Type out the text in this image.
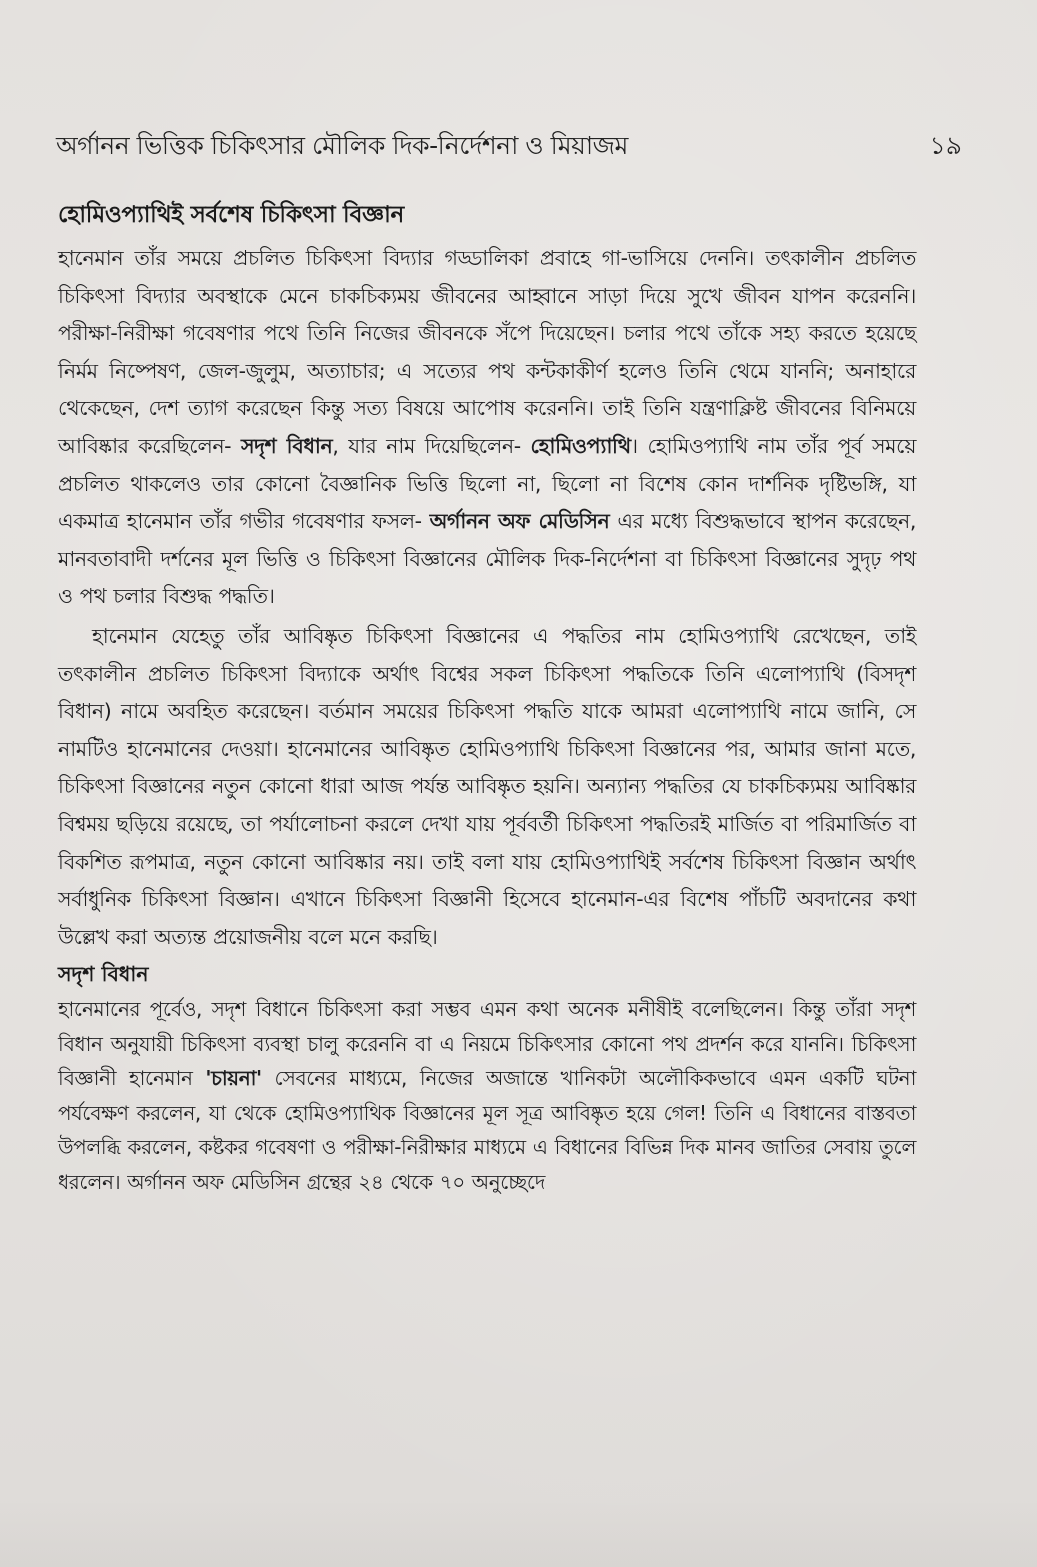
অর্গানন ভিত্তিক চিকিৎসার মৌলিক দিক-নির্দেশনা ও মিয়াজম	১৯
হোমিওপ্যাথিই সর্বশেষ চিকিৎসা বিজ্ঞান

হানেমান তাঁর সময়ে প্রচলিত চিকিৎসা বিদ্যার গড্ডালিকা প্রবাহে গা-ভাসিয়ে দেননি। তৎকালীন প্রচলিত চিকিৎসা বিদ্যার অবস্থাকে মেনে চাকচিক্যময় জীবনের আহ্বানে সাড়া দিয়ে সুখে জীবন যাপন করেননি। পরীক্ষা-নিরীক্ষা গবেষণার পথে তিনি নিজের জীবনকে সঁপে দিয়েছেন। চলার পথে তাঁকে সহ্য করতে হয়েছে নির্মম নিষ্পেষণ, জেল-জুলুম, অত্যাচার; এ সত্যের পথ কন্টকাকীর্ণ হলেও তিনি থেমে যাননি; অনাহারে থেকেছেন, দেশ ত্যাগ করেছেন কিন্তু সত্য বিষয়ে আপোষ করেননি। তাই তিনি যন্ত্রণাক্লিষ্ট জীবনের বিনিময়ে আবিষ্কার করেছিলেন- সদৃশ বিধান, যার নাম দিয়েছিলেন- হোমিওপ্যাথি। হোমিওপ্যাথি নাম তাঁর পূর্ব সময়ে প্রচলিত থাকলেও তার কোনো বৈজ্ঞানিক ভিত্তি ছিলো না, ছিলো না বিশেষ কোন দার্শনিক দৃষ্টিভঙ্গি, যা একমাত্র হানেমান তাঁর গভীর গবেষণার ফসল- অর্গানন অফ মেডিসিন এর মধ্যে বিশুদ্ধভাবে স্থাপন করেছেন, মানবতাবাদী দর্শনের মূল ভিত্তি ও চিকিৎসা বিজ্ঞানের মৌলিক দিক-নির্দেশনা বা চিকিৎসা বিজ্ঞানের সুদৃঢ় পথ ও পথ চলার বিশুদ্ধ পদ্ধতি।

হানেমান যেহেতু তাঁর আবিষ্কৃত চিকিৎসা বিজ্ঞানের এ পদ্ধতির নাম হোমিওপ্যাথি রেখেছেন, তাই তৎকালীন প্রচলিত চিকিৎসা বিদ্যাকে অর্থাৎ বিশ্বের সকল চিকিৎসা পদ্ধতিকে তিনি এলোপ্যাথি (বিসদৃশ বিধান) নামে অবহিত করেছেন। বর্তমান সময়ের চিকিৎসা পদ্ধতি যাকে আমরা এলোপ্যাথি নামে জানি, সে নামটিও হানেমানের দেওয়া। হানেমানের আবিষ্কৃত হোমিওপ্যাথি চিকিৎসা বিজ্ঞানের পর, আমার জানা মতে, চিকিৎসা বিজ্ঞানের নতুন কোনো ধারা আজ পর্যন্ত আবিষ্কৃত হয়নি। অন্যান্য পদ্ধতির যে চাকচিক্যময় আবিষ্কার বিশ্বময় ছড়িয়ে রয়েছে, তা পর্যালোচনা করলে দেখা যায় পূর্ববর্তী চিকিৎসা পদ্ধতিরই মার্জিত বা পরিমার্জিত বা বিকশিত রূপমাত্র, নতুন কোনো আবিষ্কার নয়। তাই বলা যায় হোমিওপ্যাথিই সর্বশেষ চিকিৎসা বিজ্ঞান অর্থাৎ সর্বাধুনিক চিকিৎসা বিজ্ঞান। এখানে চিকিৎসা বিজ্ঞানী হিসেবে হানেমান-এর বিশেষ পাঁচটি অবদানের কথা উল্লেখ করা অত্যন্ত প্রয়োজনীয় বলে মনে করছি।

সদৃশ বিধান

হানেমানের পূর্বেও, সদৃশ বিধানে চিকিৎসা করা সম্ভব এমন কথা অনেক মনীষীই বলেছিলেন। কিন্তু তাঁরা সদৃশ বিধান অনুযায়ী চিকিৎসা ব্যবস্থা চালু করেননি বা এ নিয়মে চিকিৎসার কোনো পথ প্রদর্শন করে যাননি। চিকিৎসা বিজ্ঞানী হানেমান 'চায়না' সেবনের মাধ্যমে, নিজের অজান্তে খানিকটা অলৌকিকভাবে এমন একটি ঘটনা পর্যবেক্ষণ করলেন, যা থেকে হোমিওপ্যাথিক বিজ্ঞানের মূল সূত্র আবিষ্কৃত হয়ে গেল! তিনি এ বিধানের বাস্তবতা উপলব্ধি করলেন, কষ্টকর গবেষণা ও পরীক্ষা-নিরীক্ষার মাধ্যমে এ বিধানের বিভিন্ন দিক মানব জাতির সেবায় তুলে ধরলেন। অর্গানন অফ মেডিসিন গ্রন্থের ২৪ থেকে ৭০ অনুচ্ছেদে
